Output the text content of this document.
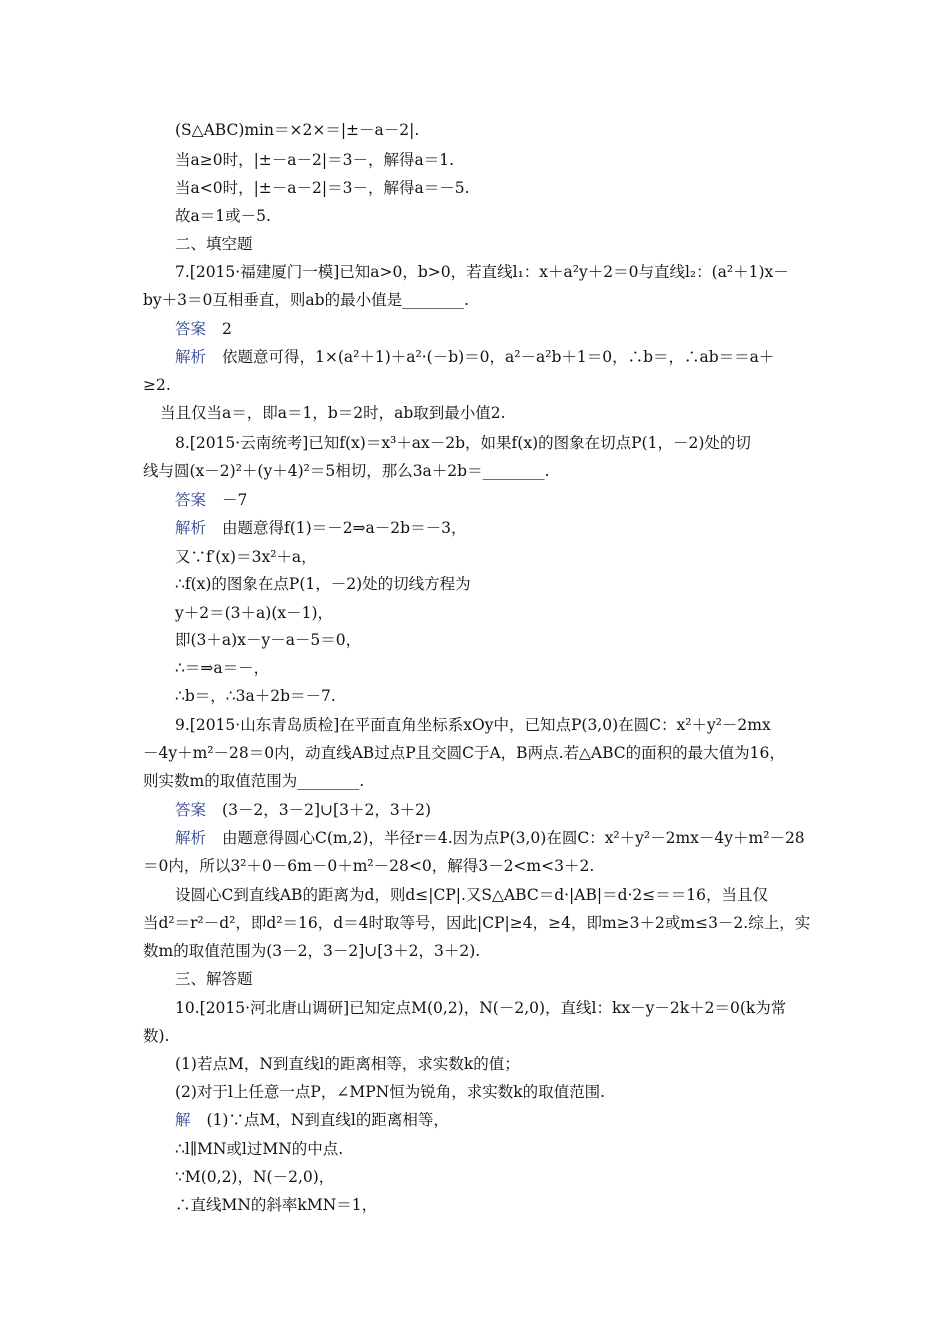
(S△ABC)min＝×2×＝|±－a－2|.
当a≥0时，|±－a－2|＝3－，解得a＝1.
当a<0时，|±－a－2|＝3－，解得a＝－5.
故a＝1或－5.
二、填空题
7.[2015·福建厦门一模]已知a>0，b>0，若直线l₁：x＋a²y＋2＝0与直线l₂：(a²＋1)x－
by＋3＝0互相垂直，则ab的最小值是________.
答案 2
解析 依题意可得，1×(a²＋1)＋a²·(－b)＝0，a²－a²b＋1＝0，∴b＝，∴ab＝＝a＋
≥2.
当且仅当a＝，即a＝1，b＝2时，ab取到最小值2.
8.[2015·云南统考]已知f(x)＝x³＋ax－2b，如果f(x)的图象在切点P(1，－2)处的切
线与圆(x－2)²＋(y＋4)²＝5相切，那么3a＋2b＝________.
答案 －7
解析 由题意得f(1)＝－2⇒a－2b＝－3，
又∵f′(x)＝3x²＋a，
∴f(x)的图象在点P(1，－2)处的切线方程为
y＋2＝(3＋a)(x－1)，
即(3＋a)x－y－a－5＝0，
∴＝⇒a＝－，
∴b＝，∴3a＋2b＝－7.
9.[2015·山东青岛质检]在平面直角坐标系xOy中，已知点P(3,0)在圆C：x²＋y²－2mx
－4y＋m²－28＝0内，动直线AB过点P且交圆C于A，B两点.若△ABC的面积的最大值为16，
则实数m的取值范围为________.
答案 (3－2，3－2]∪[3＋2，3＋2)
解析 由题意得圆心C(m,2)，半径r＝4.因为点P(3,0)在圆C：x²＋y²－2mx－4y＋m²－28
＝0内，所以3²＋0－6m－0＋m²－28<0，解得3－2<m<3＋2.
设圆心C到直线AB的距离为d，则d≤|CP|.又S△ABC＝d·|AB|＝d·2≤＝＝16，当且仅
当d²＝r²－d²，即d²＝16，d＝4时取等号，因此|CP|≥4，≥4，即m≥3＋2或m≤3－2.综上，实
数m的取值范围为(3－2，3－2]∪[3＋2，3＋2).
三、解答题
10.[2015·河北唐山调研]已知定点M(0,2)，N(－2,0)，直线l：kx－y－2k＋2＝0(k为常
数).
(1)若点M，N到直线l的距离相等，求实数k的值；
(2)对于l上任意一点P，∠MPN恒为锐角，求实数k的取值范围.
解 (1)∵点M，N到直线l的距离相等，
∴l∥MN或l过MN的中点.
∵M(0,2)，N(－2,0)，
∴直线MN的斜率kMN＝1，
